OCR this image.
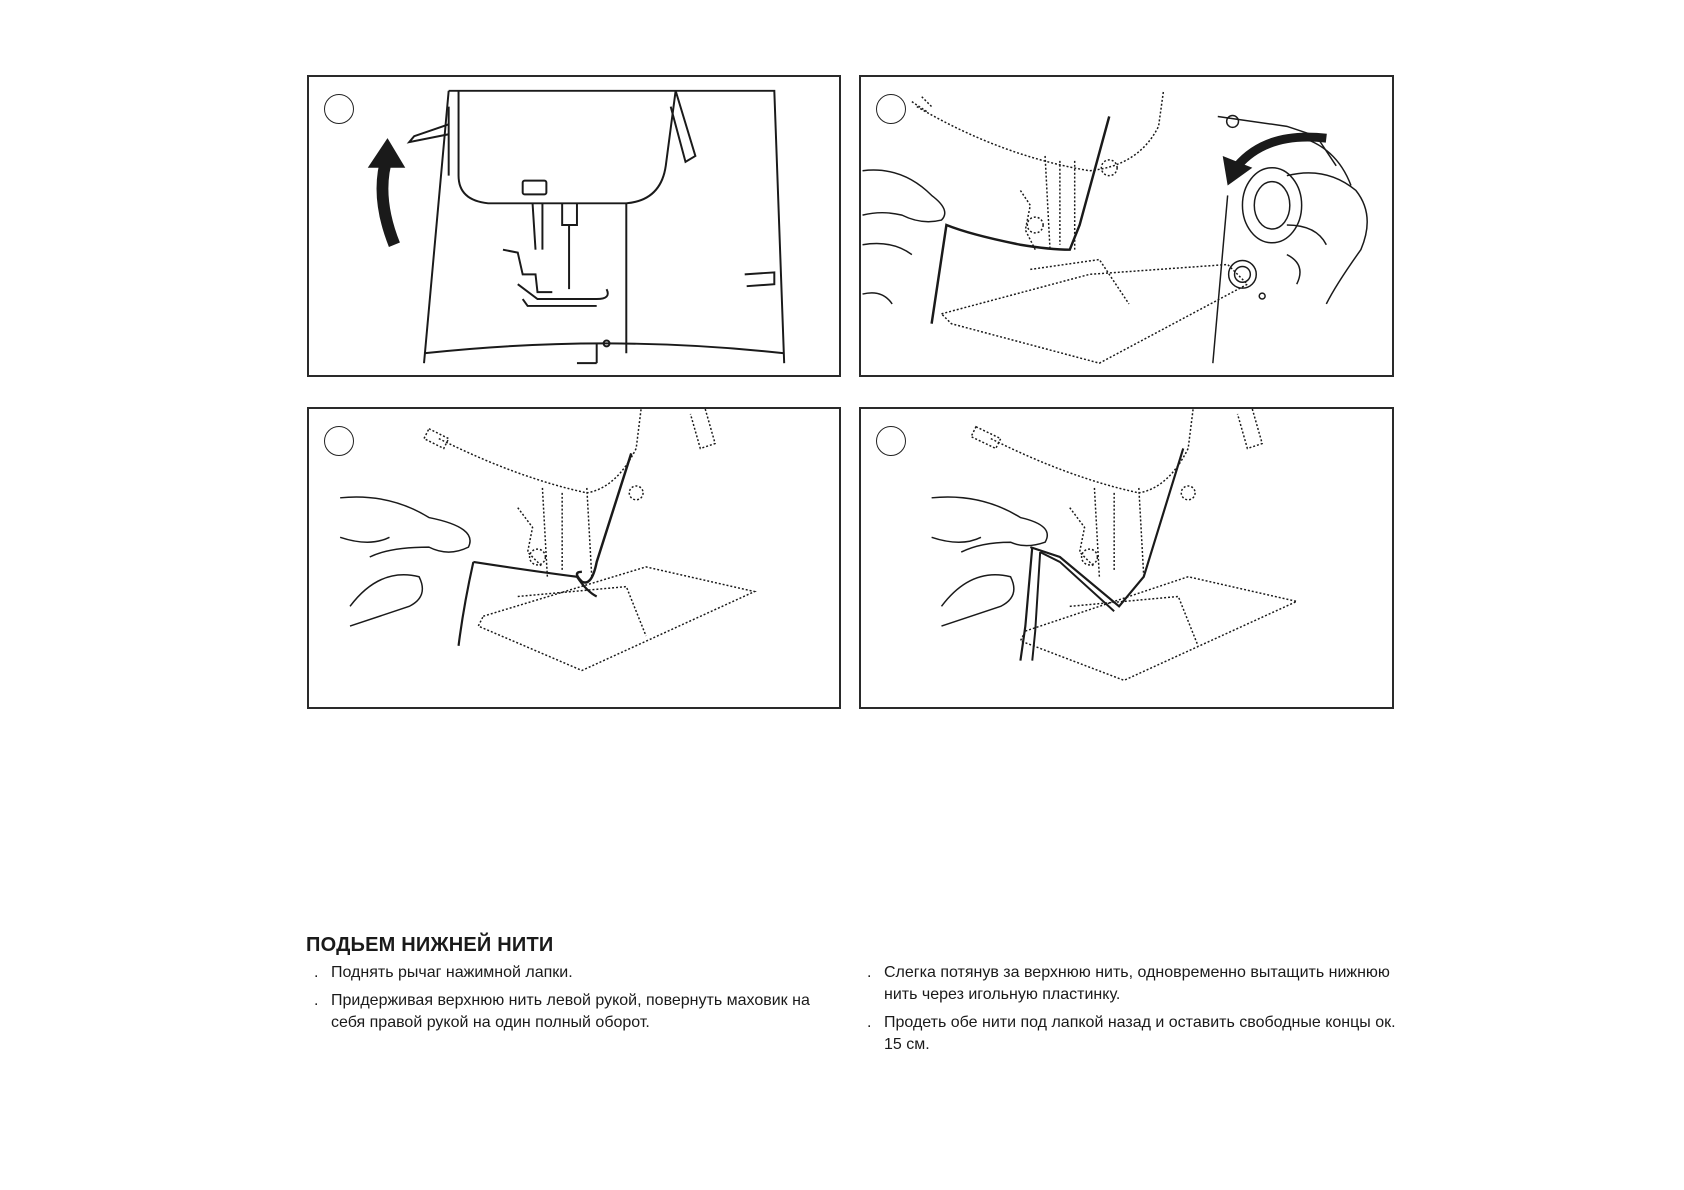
ПОДЬЕМ НИЖНЕЙ НИТИ
. Поднять рычаг нажимной лапки.
. Придерживая верхнюю нить левой рукой, повернуть маховик на себя правой рукой на один полный оборот.
. Слегка потянув за верхнюю нить, одновременно вытащить нижнюю нить через игольную пластинку.
. Продеть обе нити под лапкой назад и оставить свободные концы ок. 15 см.
